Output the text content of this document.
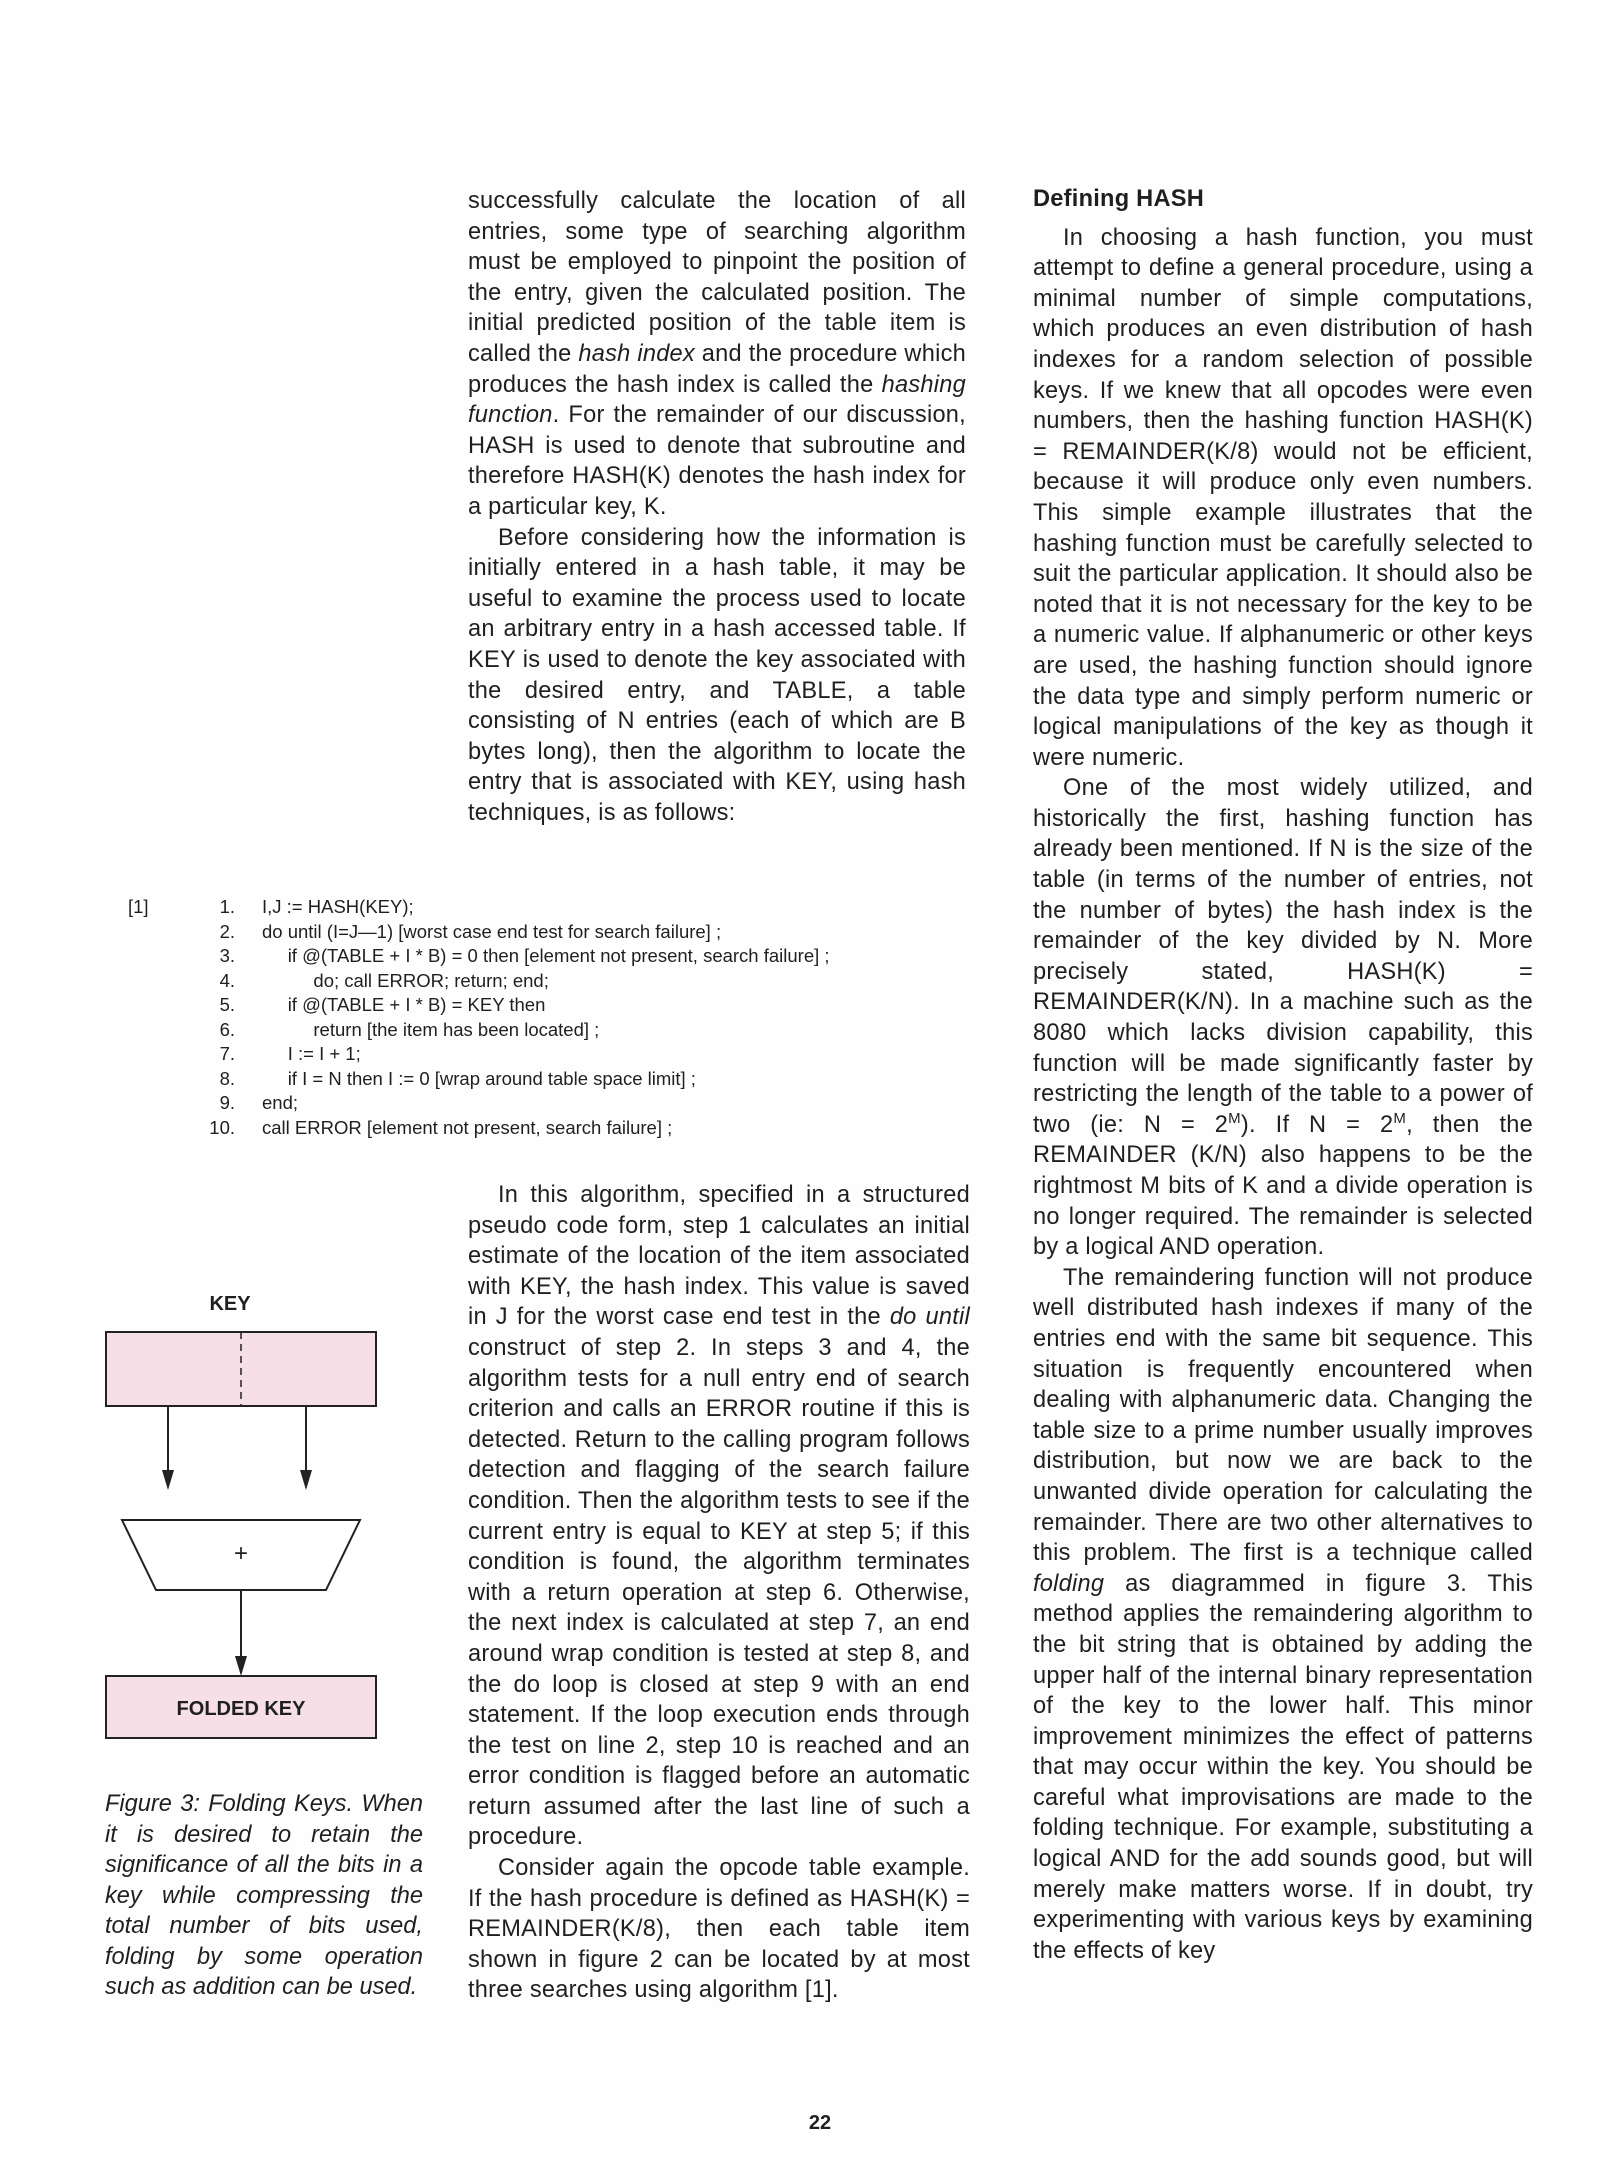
successfully calculate the location of all entries, some type of searching algorithm must be employed to pinpoint the position of the entry, given the calculated position. The initial predicted position of the table item is called the hash index and the procedure which produces the hash index is called the hashing function. For the remainder of our discussion, HASH is used to denote that subroutine and therefore HASH(K) denotes the hash index for a particular key, K.

Before considering how the information is initially entered in a hash table, it may be useful to examine the process used to locate an arbitrary entry in a hash accessed table. If KEY is used to denote the key associated with the desired entry, and TABLE, a table consisting of N entries (each of which are B bytes long), then the algorithm to locate the entry that is associated with KEY, using hash techniques, is as follows:

[1]	1. I,J := HASH(KEY);
2. do until (I=J—1) [worst case end test for search failure] ;
3. if @(TABLE + I * B) = 0 then [element not present, search failure] ;
4. do; call ERROR; return; end;
5. if @(TABLE + I * B) = KEY then
6. return [the item has been located] ;
7. I := I + 1;
8. if I = N then I := 0 [wrap around table space limit] ;
9. end;
10. call ERROR [element not present, search failure] ;
KEY
+
FOLDED KEY
Figure 3: Folding Keys. When it is desired to retain the significance of all the bits in a key while compressing the total number of bits used, folding by some operation such as addition can be used.

In this algorithm, specified in a structured pseudo code form, step 1 calculates an initial estimate of the location of the item associated with KEY, the hash index. This value is saved in J for the worst case end test in the do until construct of step 2. In steps 3 and 4, the algorithm tests for a null entry end of search criterion and calls an ERROR routine if this is detected. Return to the calling program follows detection and flagging of the search failure condition. Then the algorithm tests to see if the current entry is equal to KEY at step 5; if this condition is found, the algorithm terminates with a return operation at step 6. Otherwise, the next index is calculated at step 7, an end around wrap condition is tested at step 8, and the do loop is closed at step 9 with an end statement. If the loop execution ends through the test on line 2, step 10 is reached and an error condition is flagged before an automatic return assumed after the last line of such a procedure.

Consider again the opcode table example. If the hash procedure is defined as HASH(K) = REMAINDER(K/8), then each table item shown in figure 2 can be located by at most three searches using algorithm [1].

Defining HASH

In choosing a hash function, you must attempt to define a general procedure, using a minimal number of simple computations, which produces an even distribution of hash indexes for a random selection of possible keys. If we knew that all opcodes were even numbers, then the hashing function HASH(K) = REMAINDER(K/8) would not be efficient, because it will produce only even numbers. This simple example illustrates that the hashing function must be carefully selected to suit the particular application. It should also be noted that it is not necessary for the key to be a numeric value. If alphanumeric or other keys are used, the hashing function should ignore the data type and simply perform numeric or logical manipulations of the key as though it were numeric.

One of the most widely utilized, and historically the first, hashing function has already been mentioned. If N is the size of the table (in terms of the number of entries, not the number of bytes) the hash index is the remainder of the key divided by N. More precisely stated, HASH(K) = REMAINDER(K/N). In a machine such as the 8080 which lacks division capability, this function will be made significantly faster by restricting the length of the table to a power of two (ie: $N = 2^M$). If $N = 2^M$, then the REMAINDER (K/N) also happens to be the rightmost M bits of K and a divide operation is no longer required. The remainder is selected by a logical AND operation.

The remaindering function will not produce well distributed hash indexes if many of the entries end with the same bit sequence. This situation is frequently encountered when dealing with alphanumeric data. Changing the table size to a prime number usually improves distribution, but now we are back to the unwanted divide operation for calculating the remainder. There are two other alternatives to this problem. The first is a technique called folding as diagrammed in figure 3. This method applies the remaindering algorithm to the bit string that is obtained by adding the upper half of the internal binary representation of the key to the lower half. This minor improvement minimizes the effect of patterns that may occur within the key. You should be careful what improvisations are made to the folding technique. For example, substituting a logical AND for the add sounds good, but will merely make matters worse. If in doubt, try experimenting with various keys by examining the effects of key

22
